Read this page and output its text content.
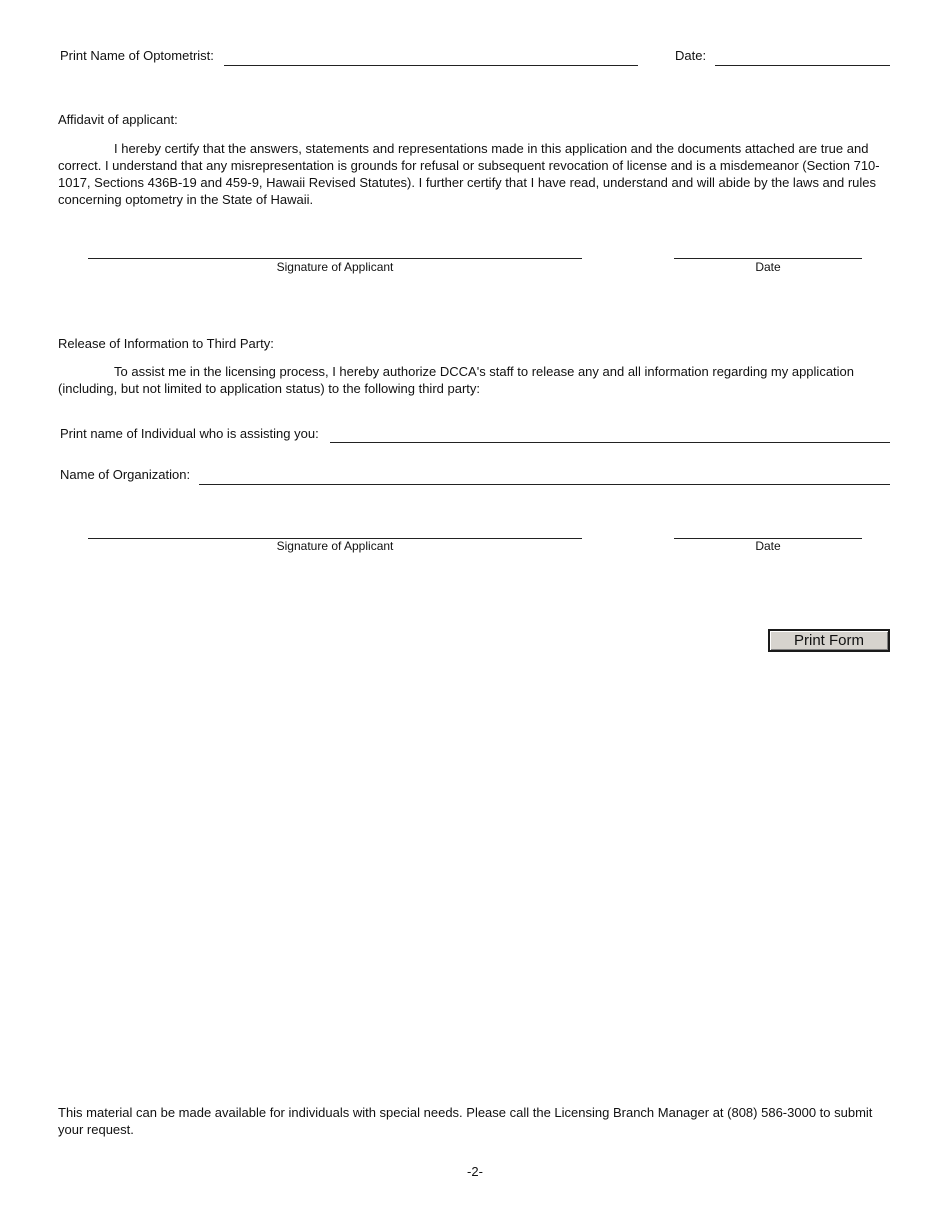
Print Name of Optometrist:	Date:
Affidavit of applicant:
I hereby certify that the answers, statements and representations made in this application and the documents attached are true and correct. I understand that any misrepresentation is grounds for refusal or subsequent revocation of license and is a misdemeanor (Section 710-1017, Sections 436B-19 and 459-9, Hawaii Revised Statutes). I further certify that I have read, understand and will abide by the laws and rules concerning optometry in the State of Hawaii.
Signature of Applicant	Date
Release of Information to Third Party:
To assist me in the licensing process, I hereby authorize DCCA's staff to release any and all information regarding my application (including, but not limited to application status) to the following third party:
Print name of Individual who is assisting you:
Name of Organization:
Signature of Applicant	Date
Print Form
This material can be made available for individuals with special needs. Please call the Licensing Branch Manager at (808) 586-3000 to submit your request.
-2-
